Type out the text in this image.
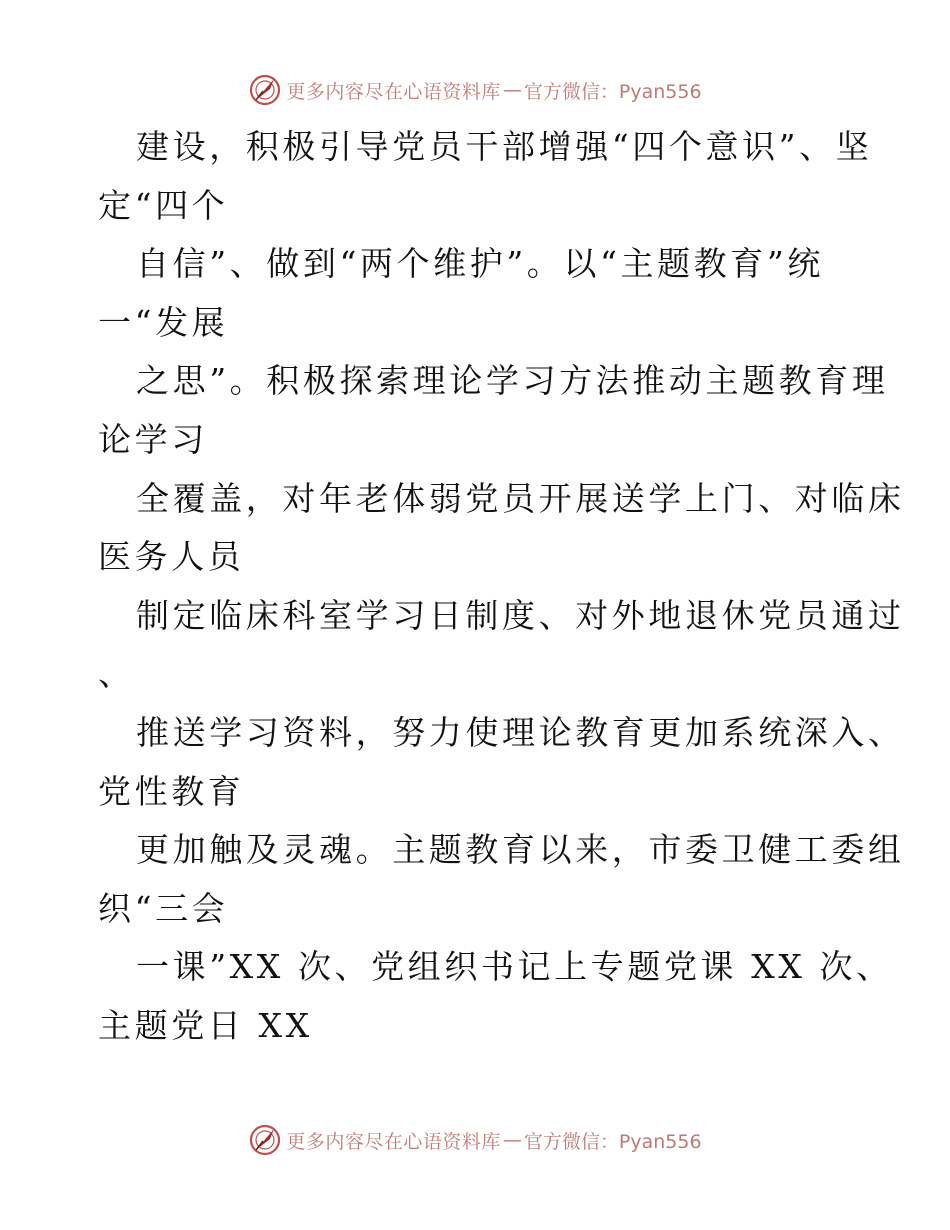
更多内容尽在心语资料库 — 官方微信：Pyan556
建设，积极引导党员干部增强“四个意识”、坚
定“四个
自信”、做到“两个维护”。以“主题教育”统
一“发展
之思”。积极探索理论学习方法推动主题教育理
论学习
全覆盖，对年老体弱党员开展送学上门、对临床
医务人员
制定临床科室学习日制度、对外地退休党员通过
、
推送学习资料，努力使理论教育更加系统深入、
党性教育
更加触及灵魂。主题教育以来，市委卫健工委组
织“三会
一课”XX 次、党组织书记上专题党课 XX 次、
主题党日 XX
更多内容尽在心语资料库 — 官方微信：Pyan556
